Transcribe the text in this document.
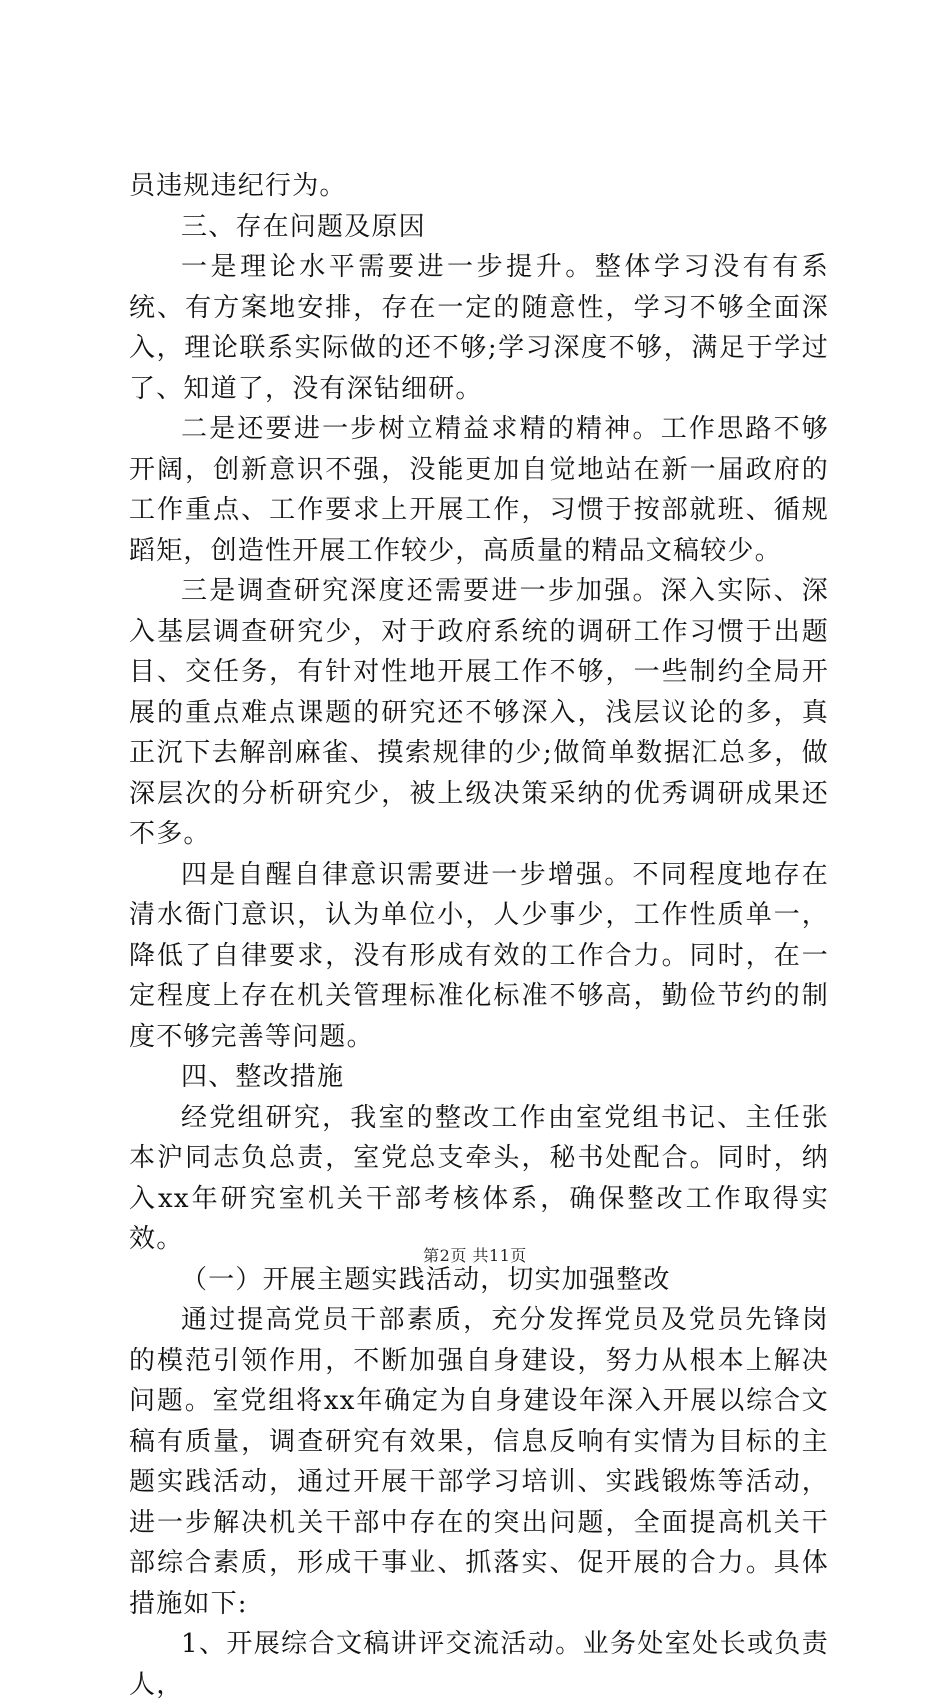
员违规违纪行为。

三、存在问题及原因

一是理论水平需要进一步提升。整体学习没有有系统、有方案地安排，存在一定的随意性，学习不够全面深入，理论联系实际做的还不够;学习深度不够，满足于学过了、知道了，没有深钻细研。

二是还要进一步树立精益求精的精神。工作思路不够开阔，创新意识不强，没能更加自觉地站在新一届政府的工作重点、工作要求上开展工作，习惯于按部就班、循规蹈矩，创造性开展工作较少，高质量的精品文稿较少。

三是调查研究深度还需要进一步加强。深入实际、深入基层调查研究少，对于政府系统的调研工作习惯于出题目、交任务，有针对性地开展工作不够，一些制约全局开展的重点难点课题的研究还不够深入，浅层议论的多，真正沉下去解剖麻雀、摸索规律的少;做简单数据汇总多，做深层次的分析研究少，被上级决策采纳的优秀调研成果还不多。

四是自醒自律意识需要进一步增强。不同程度地存在清水衙门意识，认为单位小，人少事少，工作性质单一，降低了自律要求，没有形成有效的工作合力。同时，在一定程度上存在机关管理标准化标准不够高，勤俭节约的制度不够完善等问题。

四、整改措施

经党组研究，我室的整改工作由室党组书记、主任张本沪同志负总责，室党总支牵头，秘书处配合。同时，纳入xx年研究室机关干部考核体系，确保整改工作取得实效。

（一）开展主题实践活动，切实加强整改

通过提高党员干部素质，充分发挥党员及党员先锋岗的模范引领作用，不断加强自身建设，努力从根本上解决问题。室党组将xx年确定为自身建设年深入开展以综合文稿有质量，调查研究有效果，信息反响有实情为目标的主题实践活动，通过开展干部学习培训、实践锻炼等活动，进一步解决机关干部中存在的突出问题，全面提高机关干部综合素质，形成干事业、抓落实、促开展的合力。具体措施如下:

1、开展综合文稿讲评交流活动。业务处室处长或负责人，

第2页 共11页
